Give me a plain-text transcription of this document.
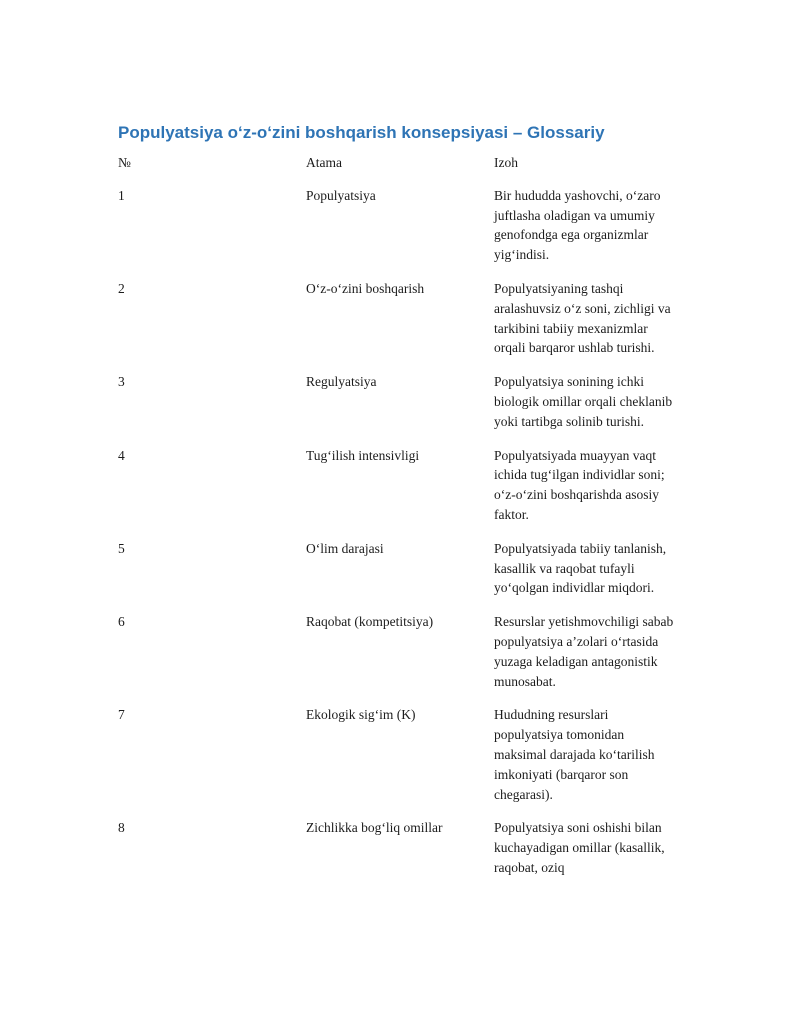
Populyatsiya o‘z-o‘zini boshqarish konsepsiyasi – Glossariy
№	Atama	Izoh
1	Populyatsiya	Bir hududda yashovchi, o‘zaro juftlasha oladigan va umumiy genofondga ega organizmlar yig‘indisi.
2	O‘z-o‘zini boshqarish	Populyatsiyaning tashqi aralashuvsiz o‘z soni, zichligi va tarkibini tabiiy mexanizmlar orqali barqaror ushlab turishi.
3	Regulyatsiya	Populyatsiya sonining ichki biologik omillar orqali cheklanib yoki tartibga solinib turishi.
4	Tug‘ilish intensivligi	Populyatsiyada muayyan vaqt ichida tug‘ilgan individlar soni; o‘z-o‘zini boshqarishda asosiy faktor.
5	O‘lim darajasi	Populyatsiyada tabiiy tanlanish, kasallik va raqobat tufayli yo‘qolgan individlar miqdori.
6	Raqobat (kompetitsiya)	Resurslar yetishmovchiligi sabab populyatsiya a’zolari o‘rtasida yuzaga keladigan antagonistik munosabat.
7	Ekologik sig‘im (K)	Hududning resurslari populyatsiya tomonidan maksimal darajada ko‘tarilish imkoniyati (barqaror son chegarasi).
8	Zichlikka bog‘liq omillar	Populyatsiya soni oshishi bilan kuchayadigan omillar (kasallik, raqobat, oziq
